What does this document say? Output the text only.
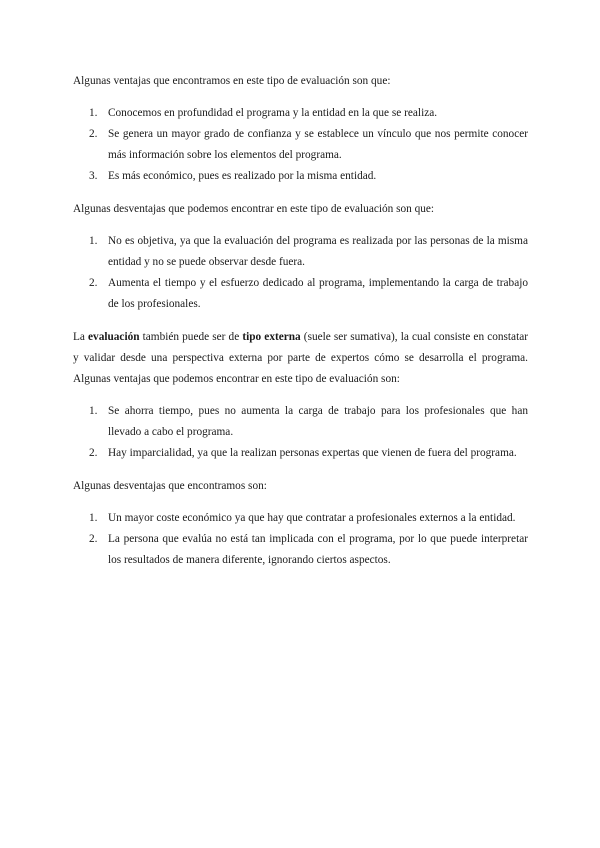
Algunas ventajas que encontramos en este tipo de evaluación son que:

1. Conocemos en profundidad el programa y la entidad en la que se realiza.
2. Se genera un mayor grado de confianza y se establece un vínculo que nos permite conocer más información sobre los elementos del programa.
3. Es más económico, pues es realizado por la misma entidad.

Algunas desventajas que podemos encontrar en este tipo de evaluación son que:

1. No es objetiva, ya que la evaluación del programa es realizada por las personas de la misma entidad y no se puede observar desde fuera.
2. Aumenta el tiempo y el esfuerzo dedicado al programa, implementando la carga de trabajo de los profesionales.

La evaluación también puede ser de tipo externa (suele ser sumativa), la cual consiste en constatar y validar desde una perspectiva externa por parte de expertos cómo se desarrolla el programa. Algunas ventajas que podemos encontrar en este tipo de evaluación son:

1. Se ahorra tiempo, pues no aumenta la carga de trabajo para los profesionales que han llevado a cabo el programa.
2. Hay imparcialidad, ya que la realizan personas expertas que vienen de fuera del programa.

Algunas desventajas que encontramos son:

1. Un mayor coste económico ya que hay que contratar a profesionales externos a la entidad.
2. La persona que evalúa no está tan implicada con el programa, por lo que puede interpretar los resultados de manera diferente, ignorando ciertos aspectos.
